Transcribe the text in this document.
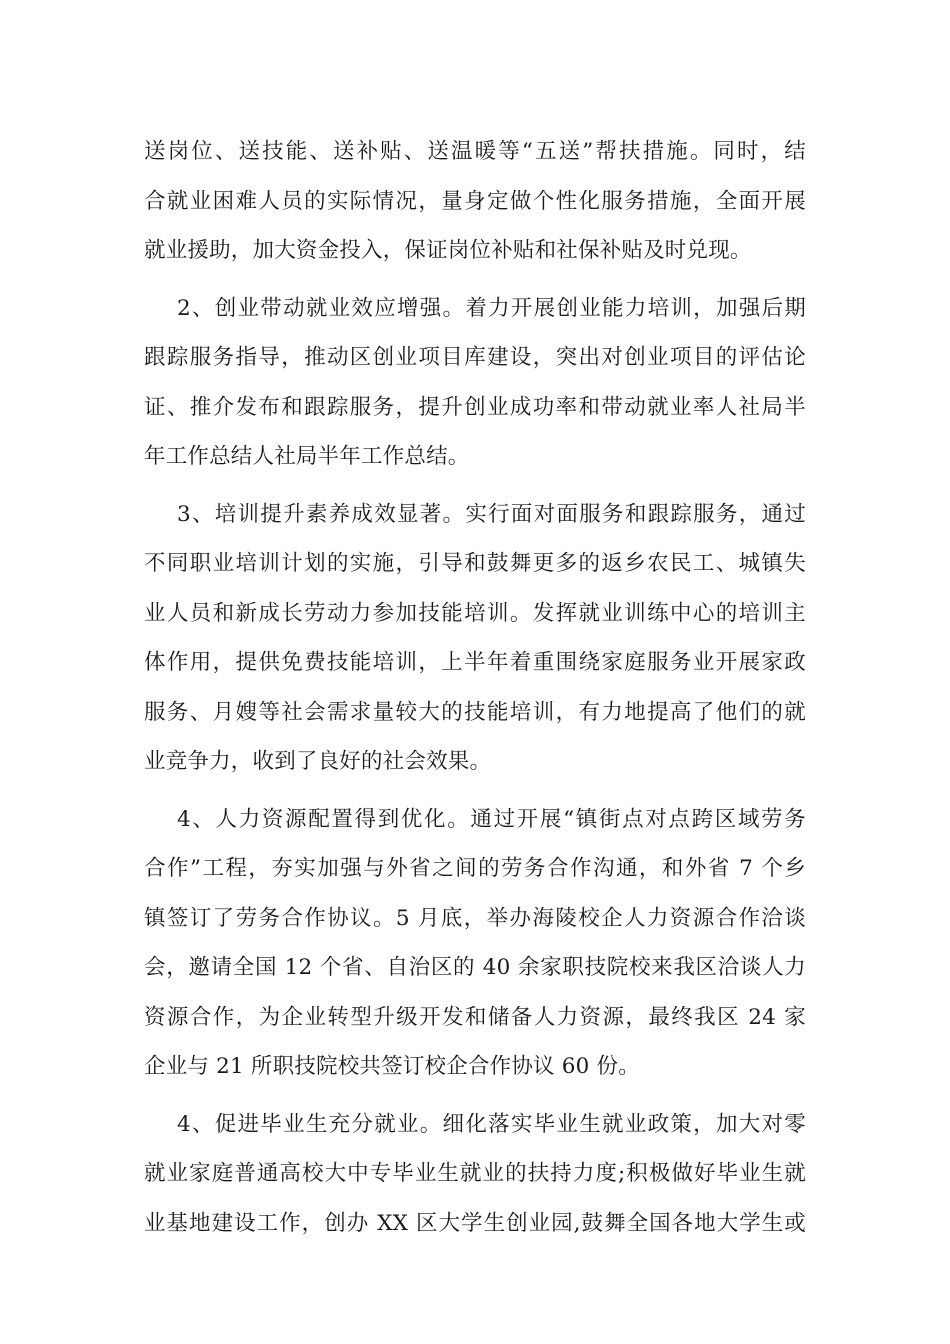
送岗位、送技能、送补贴、送温暖等“五送”帮扶措施。同时，结
合就业困难人员的实际情况，量身定做个性化服务措施，全面开展
就业援助，加大资金投入，保证岗位补贴和社保补贴及时兑现。
2、创业带动就业效应增强。着力开展创业能力培训，加强后期
跟踪服务指导，推动区创业项目库建设，突出对创业项目的评估论
证、推介发布和跟踪服务，提升创业成功率和带动就业率人社局半
年工作总结人社局半年工作总结。
3、培训提升素养成效显著。实行面对面服务和跟踪服务，通过
不同职业培训计划的实施，引导和鼓舞更多的返乡农民工、城镇失
业人员和新成长劳动力参加技能培训。发挥就业训练中心的培训主
体作用，提供免费技能培训，上半年着重围绕家庭服务业开展家政
服务、月嫂等社会需求量较大的技能培训，有力地提高了他们的就
业竞争力，收到了良好的社会效果。
4、人力资源配置得到优化。通过开展“镇街点对点跨区域劳务
合作”工程，夯实加强与外省之间的劳务合作沟通，和外省 7 个乡
镇签订了劳务合作协议。5 月底，举办海陵校企人力资源合作洽谈
会，邀请全国 12 个省、自治区的 40 余家职技院校来我区洽谈人力
资源合作，为企业转型升级开发和储备人力资源，最终我区 24 家
企业与 21 所职技院校共签订校企合作协议 60 份。
4、促进毕业生充分就业。细化落实毕业生就业政策，加大对零
就业家庭普通高校大中专毕业生就业的扶持力度;积极做好毕业生就
业基地建设工作，创办 XX 区大学生创业园,鼓舞全国各地大学生或
